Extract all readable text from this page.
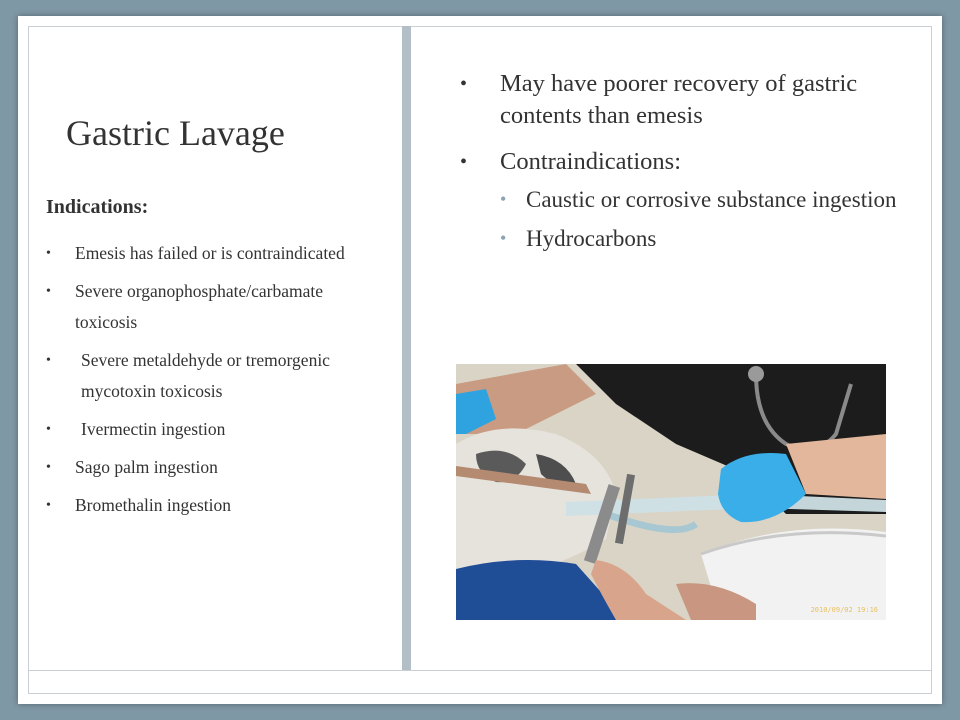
Gastric Lavage
Indications:
• Emesis has failed or is contraindicated
• Severe organophosphate/carbamate toxicosis
• Severe metaldehyde or tremorgenic mycotoxin toxicosis
• Ivermectin ingestion
• Sago palm ingestion
• Bromethalin ingestion
• May have poorer recovery of gastric contents than emesis
• Contraindications:
• Caustic or corrosive substance ingestion
• Hydrocarbons
2010/09/02 19:16
